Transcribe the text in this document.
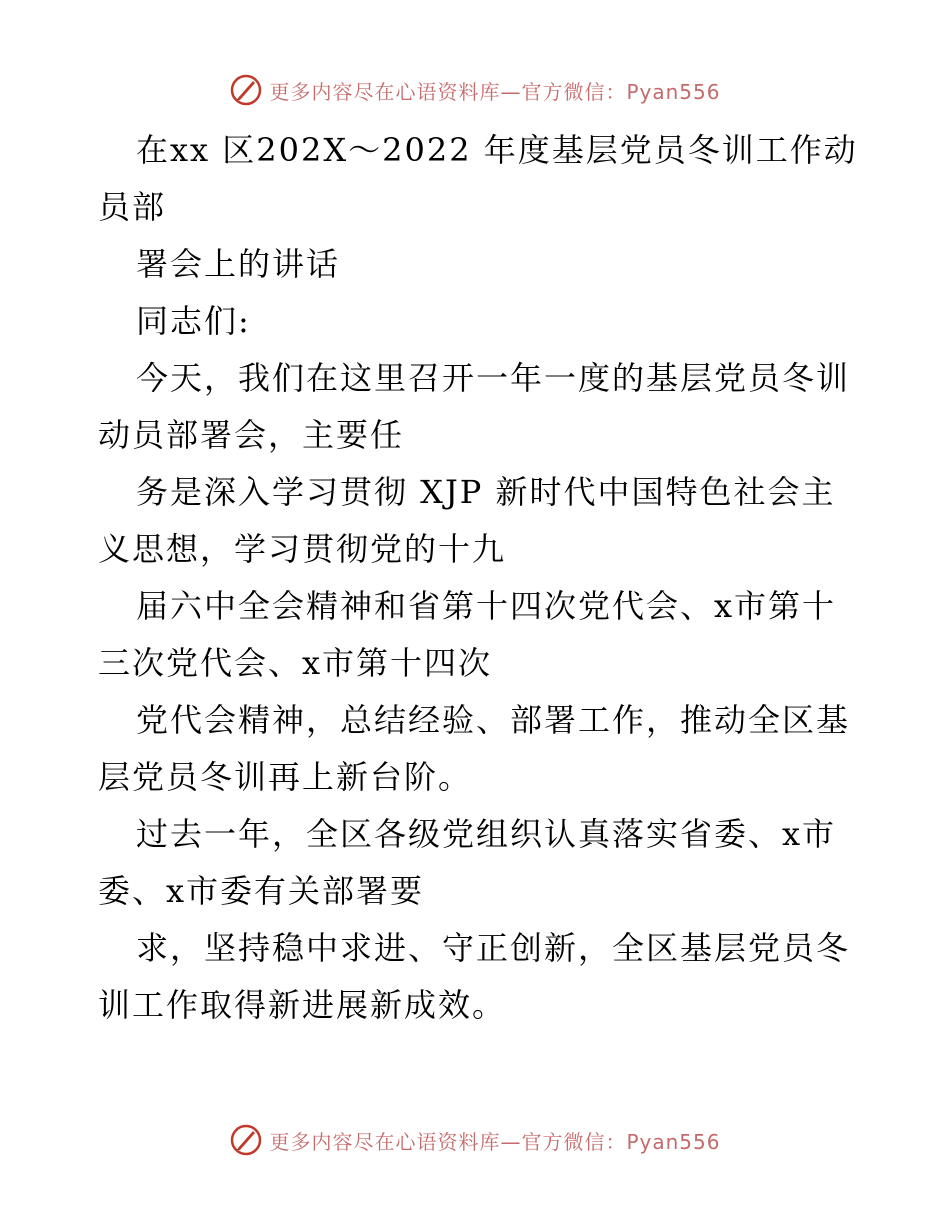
更多内容尽在心语资料库—官方微信：Pyan556
在xx 区202X～2022 年度基层党员冬训工作动
员部
署会上的讲话
同志们:
今天，我们在这里召开一年一度的基层党员冬训
动员部署会，主要任
务是深入学习贯彻 XJP 新时代中国特色社会主
义思想，学习贯彻党的十九
届六中全会精神和省第十四次党代会、x市第十
三次党代会、x市第十四次
党代会精神，总结经验、部署工作，推动全区基
层党员冬训再上新台阶。
过去一年，全区各级党组织认真落实省委、x市
委、x市委有关部署要
求，坚持稳中求进、守正创新，全区基层党员冬
训工作取得新进展新成效。
更多内容尽在心语资料库—官方微信：Pyan556
